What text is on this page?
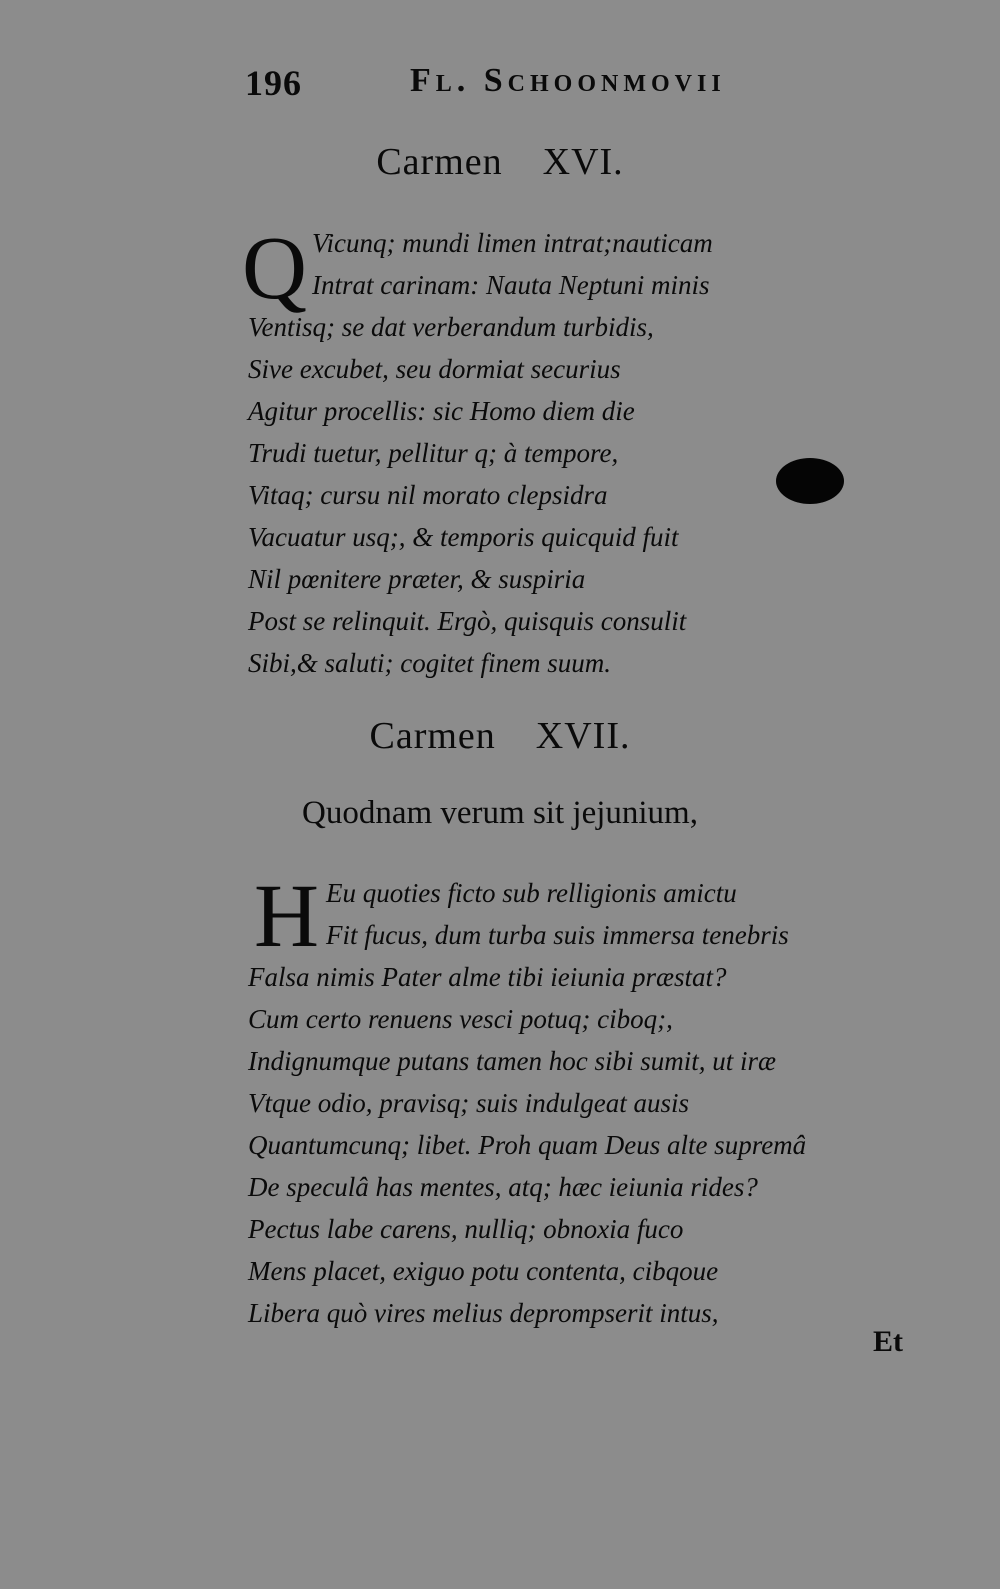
196	Fl. Schoonmovii
Carmen XVI.
Q Vicunq; mundi limen intrat;nauticam
Intrat carinam: Nauta Neptuni minis
Ventisq; se dat verberandum turbidis,
Sive excubet, seu dormiat securius
Agitur procellis: sic Homo diem die
Trudi tuetur, pellitur q; à tempore,
Vitaq; cursu nil morato clepsidra
Vacuatur usq;, & temporis quicquid fuit
Nil pœnitere præter, & suspiria
Post se relinquit. Ergò, quisquis consulit
Sibi,& saluti; cogitet finem suum.
Carmen XVII.
Quodnam verum sit jejunium,
H Eu quoties ficto sub relligionis amictu
Fit fucus, dum turba suis immersa tenebris
Falsa nimis Pater alme tibi ieiunia præstat?
Cum certo renuens vesci potuq; ciboq;,
Indignumque putans tamen hoc sibi sumit, ut iræ
Vtque odio, pravisq; suis indulgeat ausis
Quantumcunq; libet. Proh quam Deus alte supremâ
De speculâ has mentes, atq; hæc ieiunia rides?
Pectus labe carens, nulliq; obnoxia fuco
Mens placet, exiguo potu contenta, cibqoue
Libera quò vires melius deprompserit intus,
Et
